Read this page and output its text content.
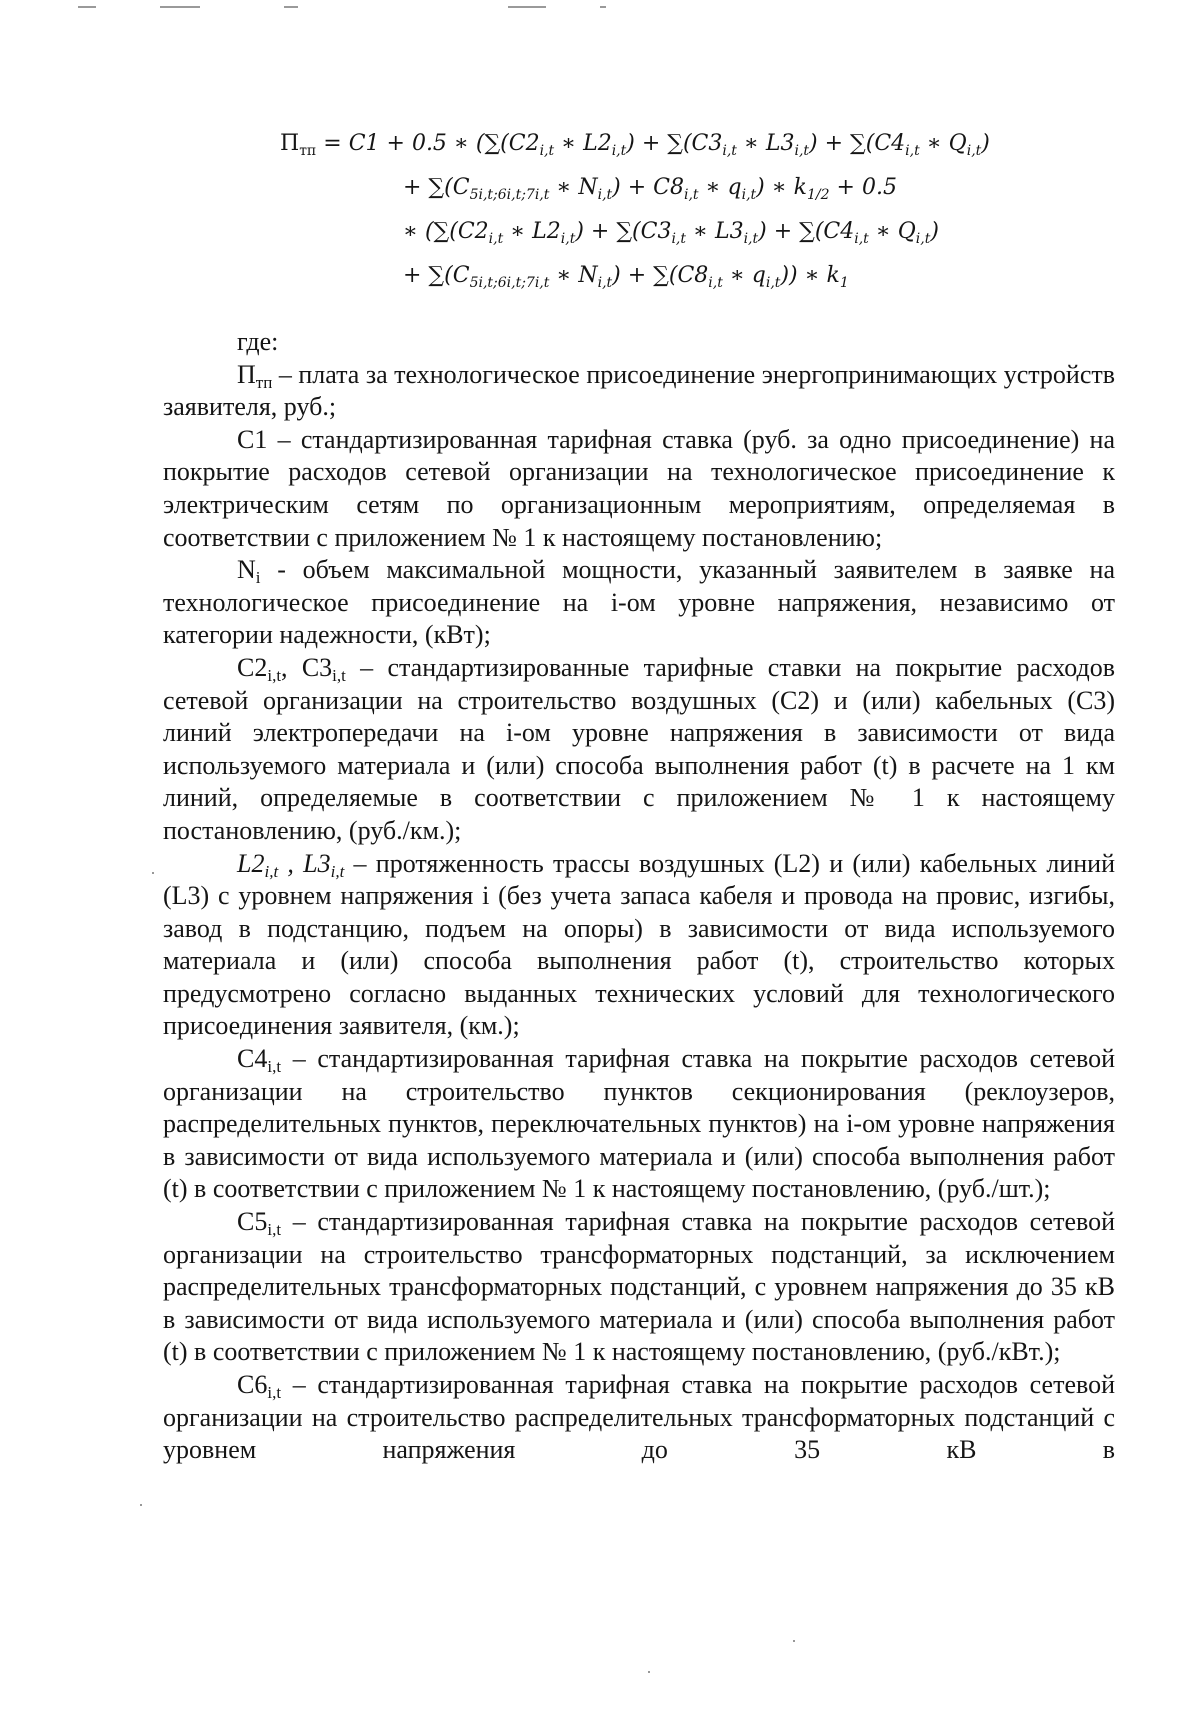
$П_{тп} = C1 + 0.5$ ∗ ($\sum(C2_{i,t}$ ∗ $L2_{i,t}) + \sum(C3_{i,t}$ ∗ $L3_{i,t}) + \sum(C4_{i,t}$ ∗ $Q_{i,t}$)
+ $\sum(C_{5i,t;6i,t;7i,t}$ ∗ $N_{i,t}) + C8_{i,t}$ ∗ $q_{i,t}$) ∗ $k_{1/2} + 0.5$
∗ ($\sum(C2_{i,t}$ ∗ $L2_{i,t}) + \sum(C3_{i,t}$ ∗ $L3_{i,t}) + \sum(C4_{i,t}$ ∗ $Q_{i,t}$)
+ $\sum(C_{5i,t;6i,t;7i,t}$ ∗ $N_{i,t}) + \sum(C8_{i,t}$ ∗ $q_{i,t}$)) ∗ $k_1$

где:

Птп – плата за технологическое присоединение энергопринимающих устройств заявителя, руб.;

С1 – стандартизированная тарифная ставка (руб. за одно присоединение) на покрытие расходов сетевой организации на технологическое присоединение к электрическим сетям по организационным мероприятиям, определяемая в соответствии с приложением № 1 к настоящему постановлению;

Ni - объем максимальной мощности, указанный заявителем в заявке на технологическое присоединение на i-ом уровне напряжения, независимо от категории надежности, (кВт);

С2i,t, С3i,t – стандартизированные тарифные ставки на покрытие расходов сетевой организации на строительство воздушных (С2) и (или) кабельных (С3) линий электропередачи на i-ом уровне напряжения в зависимости от вида используемого материала и (или) способа выполнения работ (t) в расчете на 1 км линий, определяемые в соответствии с приложением № 1 к настоящему постановлению, (руб./км.);

L2i,t , L3i,t – протяженность трассы воздушных (L2) и (или) кабельных линий (L3) с уровнем напряжения i (без учета запаса кабеля и провода на провис, изгибы, завод в подстанцию, подъем на опоры) в зависимости от вида используемого материала и (или) способа выполнения работ (t), строительство которых предусмотрено согласно выданных технических условий для технологического присоединения заявителя, (км.);

С4i,t – стандартизированная тарифная ставка на покрытие расходов сетевой организации на строительство пунктов секционирования (реклоузеров, распределительных пунктов, переключательных пунктов) на i-ом уровне напряжения в зависимости от вида используемого материала и (или) способа выполнения работ (t) в соответствии с приложением № 1 к настоящему постановлению, (руб./шт.);

С5i,t – стандартизированная тарифная ставка на покрытие расходов сетевой организации на строительство трансформаторных подстанций, за исключением распределительных трансформаторных подстанций, с уровнем напряжения до 35 кВ в зависимости от вида используемого материала и (или) способа выполнения работ (t) в соответствии с приложением № 1 к настоящему постановлению, (руб./кВт.);

С6i,t – стандартизированная тарифная ставка на покрытие расходов сетевой организации на строительство распределительных трансформаторных подстанций с уровнем напряжения до 35 кВ в
